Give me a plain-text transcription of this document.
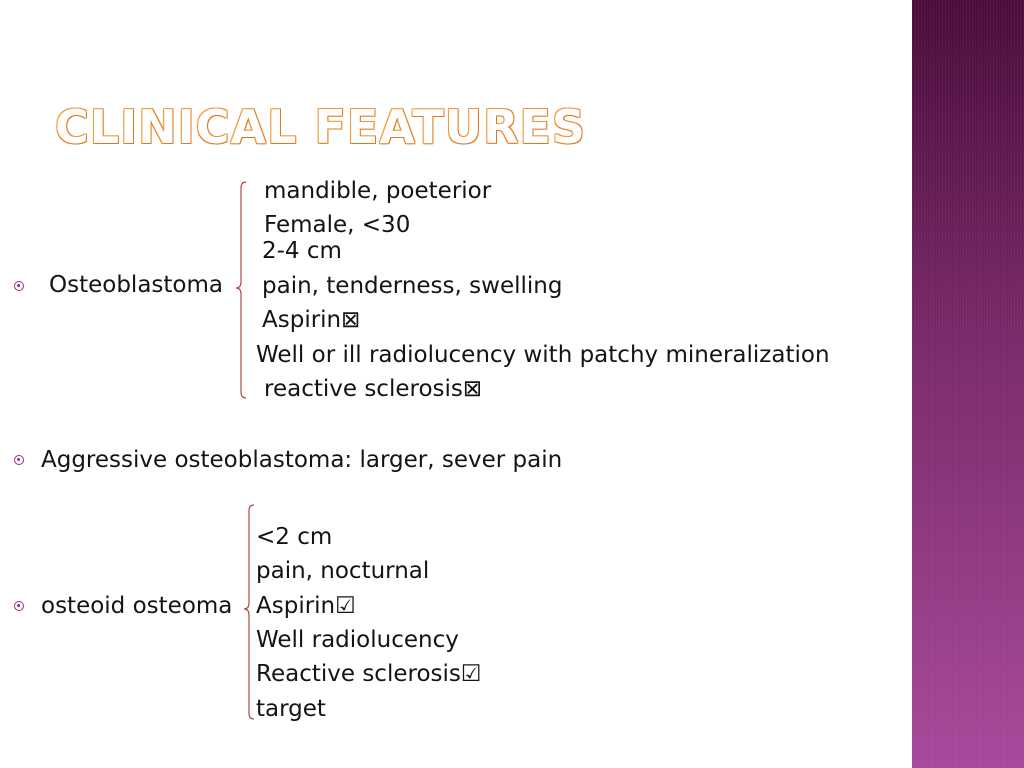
CLINICAL FEATURES
Osteoblastoma
mandible, poeterior
Female, <30
2-4 cm
pain, tenderness, swelling
Aspirin⊠
Well or ill radiolucency with patchy mineralization
reactive sclerosis⊠
Aggressive osteoblastoma: larger, sever pain
osteoid osteoma
<2 cm
pain, nocturnal
Aspirin☑
Well radiolucency
Reactive sclerosis☑
target
